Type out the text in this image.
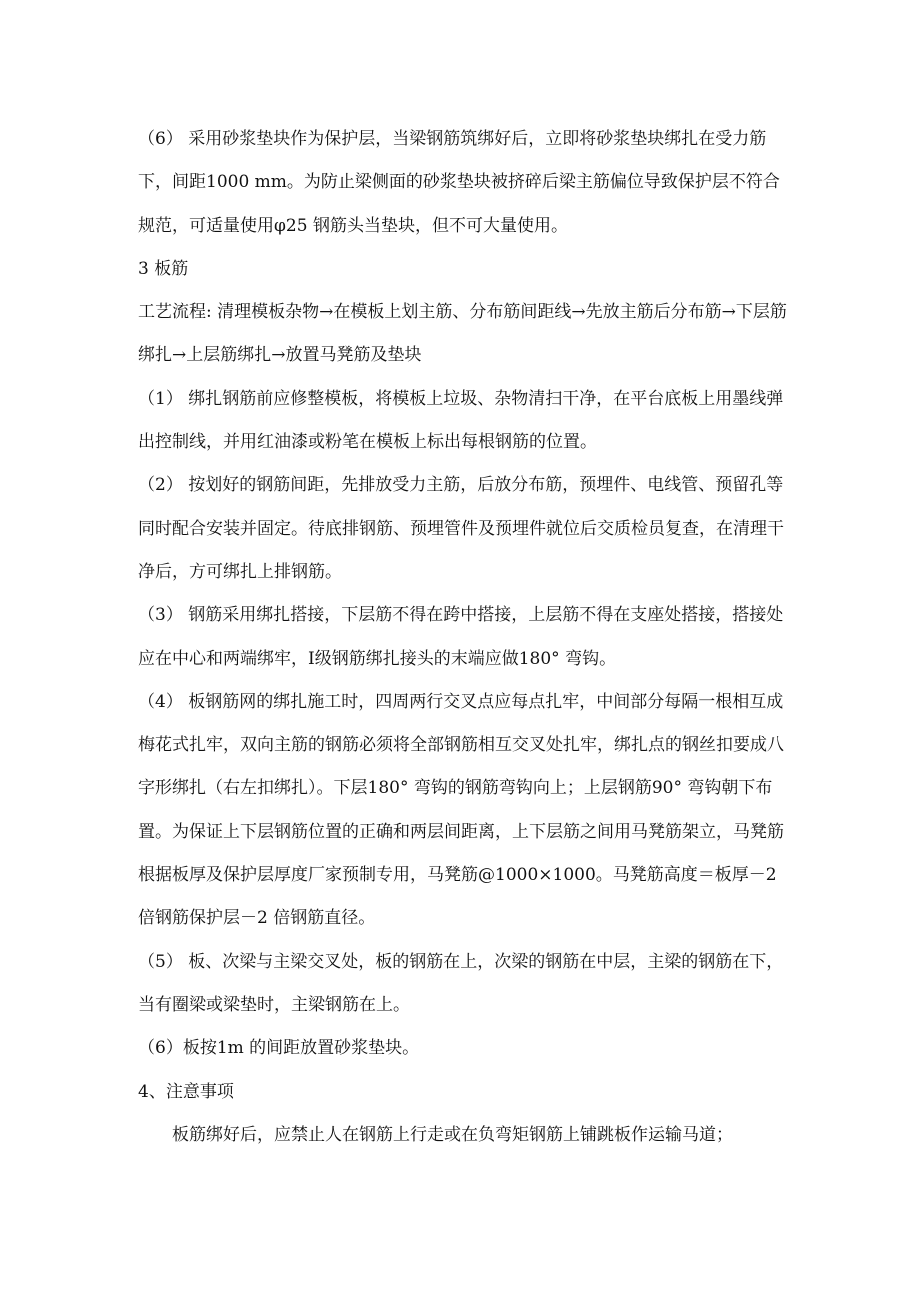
（6） 采用砂浆垫块作为保护层，当梁钢筋筑绑好后，立即将砂浆垫块绑扎在受力筋下，间距1000 mm。为防止梁侧面的砂浆垫块被挤碎后梁主筋偏位导致保护层不符合规范，可适量使用φ25 钢筋头当垫块，但不可大量使用。

3 板筋

工艺流程: 清理模板杂物→在模板上划主筋、分布筋间距线→先放主筋后分布筋→下层筋绑扎→上层筋绑扎→放置马凳筋及垫块

（1） 绑扎钢筋前应修整模板，将模板上垃圾、杂物清扫干净，在平台底板上用墨线弹出控制线，并用红油漆或粉笔在模板上标出每根钢筋的位置。

（2） 按划好的钢筋间距，先排放受力主筋，后放分布筋，预埋件、电线管、预留孔等同时配合安装并固定。待底排钢筋、预埋管件及预埋件就位后交质检员复查，在清理干净后，方可绑扎上排钢筋。

（3） 钢筋采用绑扎搭接，下层筋不得在跨中搭接，上层筋不得在支座处搭接，搭接处应在中心和两端绑牢，Ⅰ级钢筋绑扎接头的末端应做180° 弯钩。

（4） 板钢筋网的绑扎施工时，四周两行交叉点应每点扎牢，中间部分每隔一根相互成梅花式扎牢，双向主筋的钢筋必须将全部钢筋相互交叉处扎牢，绑扎点的钢丝扣要成八字形绑扎（右左扣绑扎）。下层180° 弯钩的钢筋弯钩向上；上层钢筋90° 弯钩朝下布置。为保证上下层钢筋位置的正确和两层间距离，上下层筋之间用马凳筋架立，马凳筋根据板厚及保护层厚度厂家预制专用，马凳筋@1000×1000。马凳筋高度＝板厚－2 倍钢筋保护层－2 倍钢筋直径。

（5） 板、次梁与主梁交叉处，板的钢筋在上，次梁的钢筋在中层，主梁的钢筋在下，当有圈梁或梁垫时，主梁钢筋在上。

（6）板按1m 的间距放置砂浆垫块。

4、注意事项

板筋绑好后，应禁止人在钢筋上行走或在负弯矩钢筋上铺跳板作运输马道；
